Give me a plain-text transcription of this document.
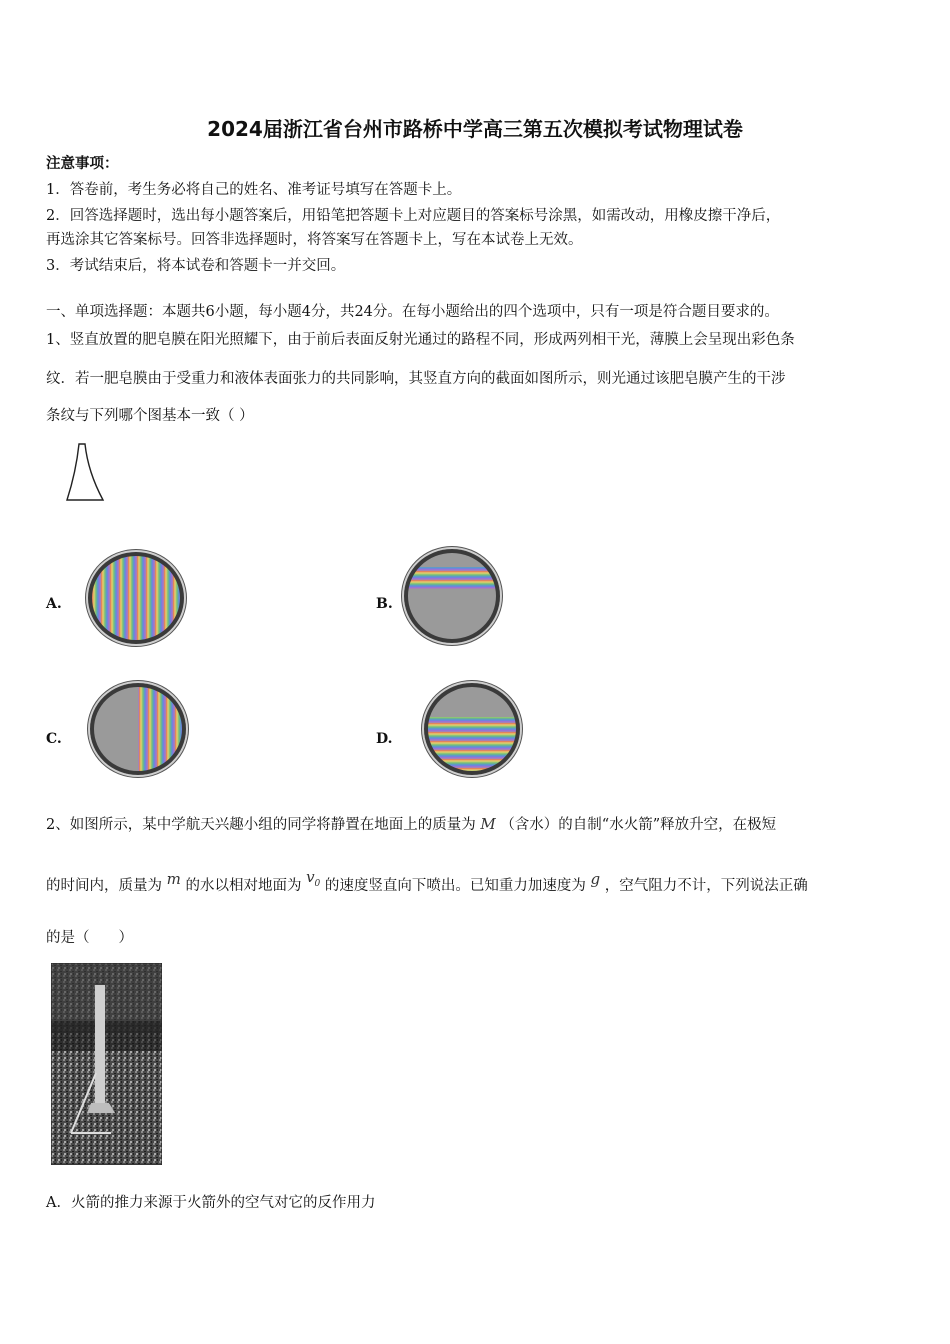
2024届浙江省台州市路桥中学高三第五次模拟考试物理试卷
注意事项：
1．答卷前，考生务必将自己的姓名、准考证号填写在答题卡上。
2．回答选择题时，选出每小题答案后，用铅笔把答题卡上对应题目的答案标号涂黑，如需改动，用橡皮擦干净后，
再选涂其它答案标号。回答非选择题时，将答案写在答题卡上，写在本试卷上无效。
3．考试结束后，将本试卷和答题卡一并交回。
一、单项选择题：本题共6小题，每小题4分，共24分。在每小题给出的四个选项中，只有一项是符合题目要求的。
1、竖直放置的肥皂膜在阳光照耀下，由于前后表面反射光通过的路程不同，形成两列相干光，薄膜上会呈现出彩色条
纹．若一肥皂膜由于受重力和液体表面张力的共同影响，其竖直方向的截面如图所示，则光通过该肥皂膜产生的干涉
条纹与下列哪个图基本一致（ ）
A.	B.
C.	D.
2、如图所示，某中学航天兴趣小组的同学将静置在地面上的质量为 M （含水）的自制“水火箭”释放升空，在极短
的时间内，质量为 m 的水以相对地面为 $v_0$ 的速度竖直向下喷出。已知重力加速度为 g ，空气阻力不计，下列说法正确
的是（　　）
A．火箭的推力来源于火箭外的空气对它的反作用力
